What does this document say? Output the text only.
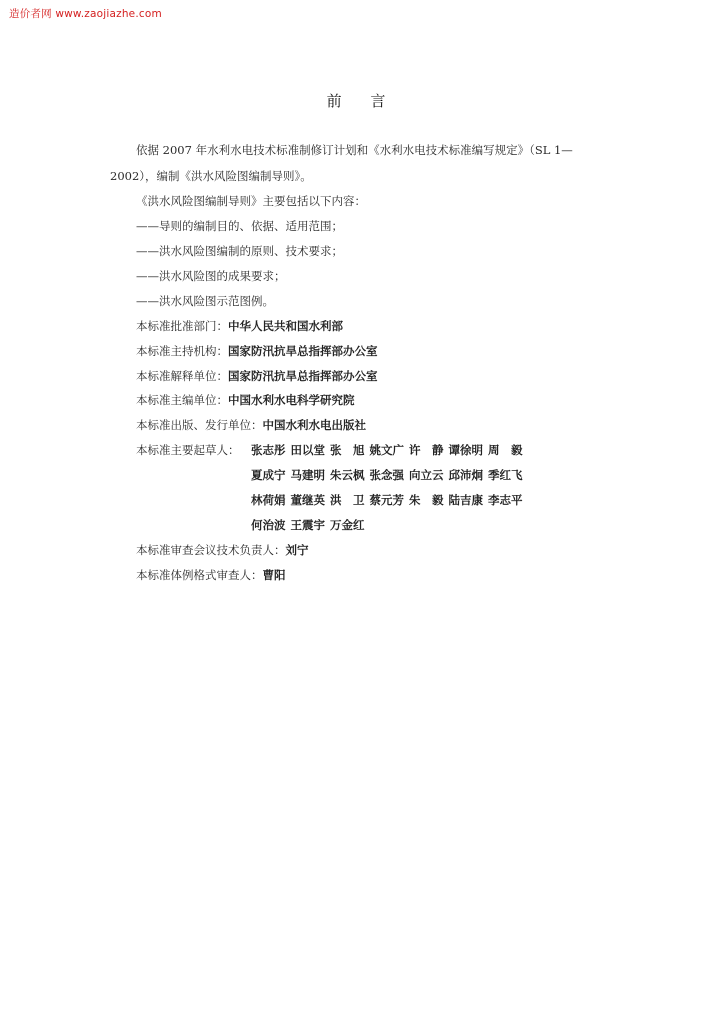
造价者网 www.zaojiazhe.com
前 言
依据 2007 年水利水电技术标准制修订计划和《水利水电技术标准编写规定》（SL 1—
2002），编制《洪水风险图编制导则》。
《洪水风险图编制导则》主要包括以下内容：
——导则的编制目的、依据、适用范围；
——洪水风险图编制的原则、技术要求；
——洪水风险图的成果要求；
——洪水风险图示范图例。
本标准批准部门：中华人民共和国水利部
本标准主持机构：国家防汛抗旱总指挥部办公室
本标准解释单位：国家防汛抗旱总指挥部办公室
本标准主编单位：中国水利水电科学研究院
本标准出版、发行单位：中国水利水电出版社
本标准主要起草人： 张志彤 田以堂 张　旭 姚文广 许　静 谭徐明 周　毅
夏成宁 马建明 朱云枫 张念强 向立云 邱沛炯 季红飞
林荷娟 董继英 洪　卫 蔡元芳 朱　毅 陆吉康 李志平
何治波 王震宇 万金红
本标准审查会议技术负责人：刘宁
本标准体例格式审查人：曹阳
